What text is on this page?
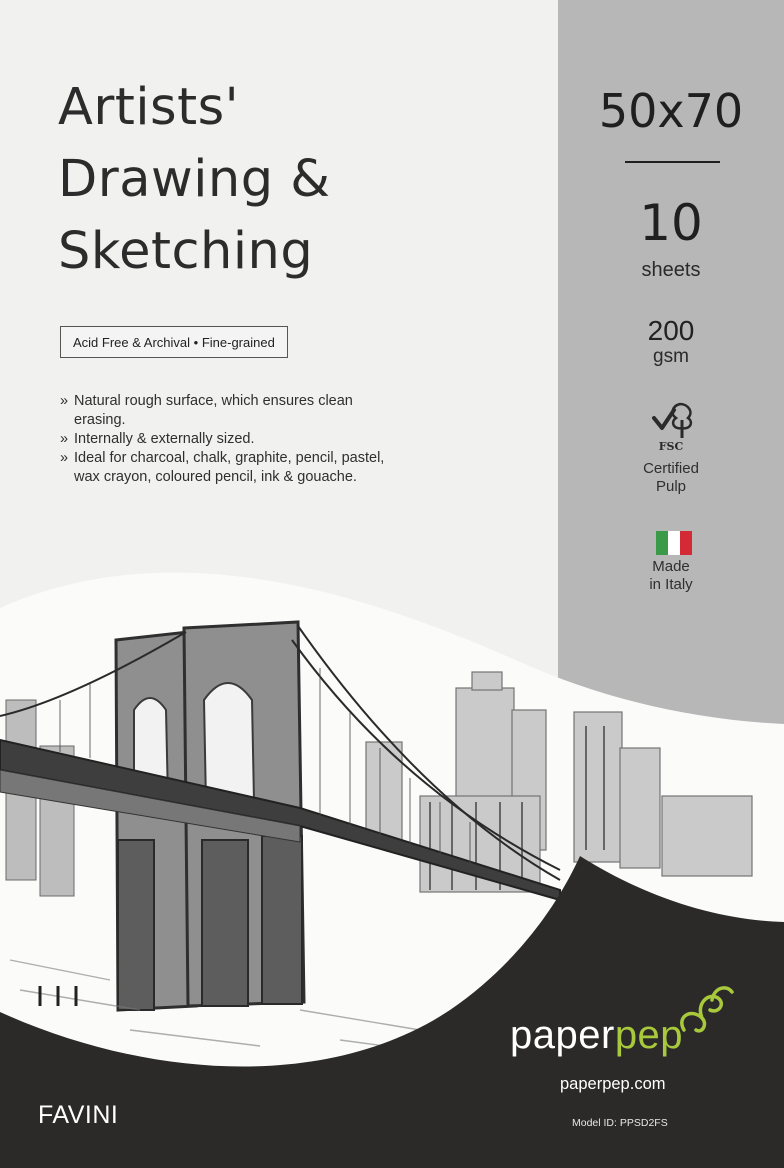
Artists'
Drawing &
Sketching
Acid Free & Archival • Fine-grained
» Natural rough surface, which ensures clean erasing.
» Internally & externally sized.
» Ideal for charcoal, chalk, graphite, pencil, pastel, wax crayon, coloured pencil, ink & gouache.
50x70
10
sheets
200
gsm
FSC
Certified
Pulp
Made
in Italy
paperpep
paperpep.com
Model ID: PPSD2FS
FAVINI
